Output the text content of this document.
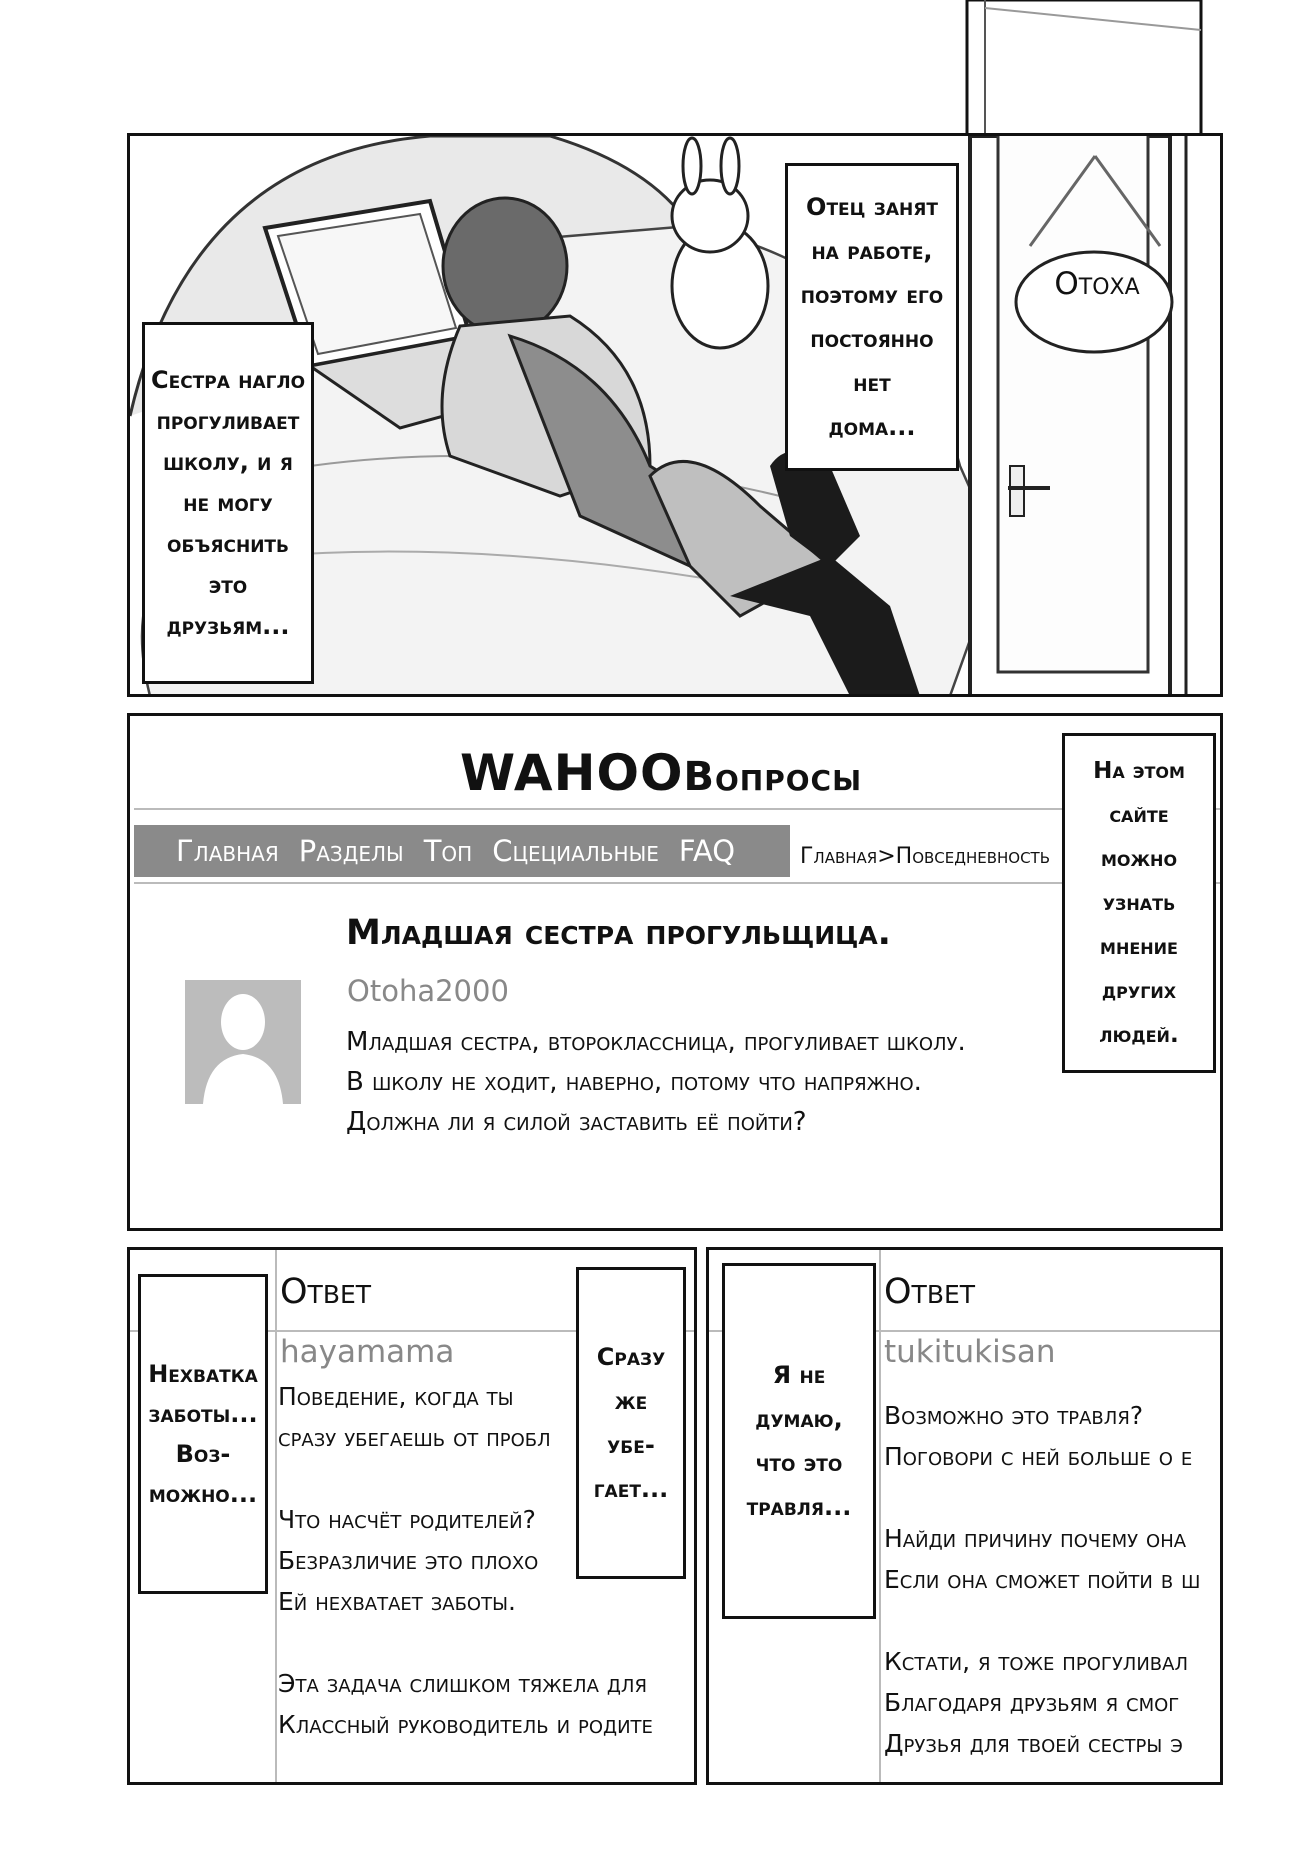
Отоха
Сестра нагло
прогуливает
школу, и я
не могу
объяснить
это
друзьям...
Отец занят
на работе,
поэтому его
постоянно
нет
дома...
WAHOOВопросы
Главная Разделы Топ Сцециальные FAQ	Главная>Повседневность
Младшая сестра прогульщица.
Otoha2000
Младшая сестра, второклассница, прогуливает школу.
В школу не ходит, наверно, потому что напряжно.
Должна ли я силой заставить её пойти?
На этом
сайте
можно
узнать
мнение
других
людей.
Ответ
hayamama
Поведение, когда ты
сразу убегаешь от пробл
Что насчёт родителей?
Безразличие это плохо
Ей нехватает заботы.
Эта задача слишком тяжела для
Классный руководитель и родите
Нехватка
заботы...
Воз-
можно...
Сразу
же
убе-
гает...
Ответ
tukitukisan
Возможно это травля?
Поговори с ней больше о е
Найди причину почему она
Если она сможет пойти в ш
Кстати, я тоже прогуливал
Благодаря друзьям я смог
Друзья для твоей сестры э
Я не
думаю,
что это
травля...
